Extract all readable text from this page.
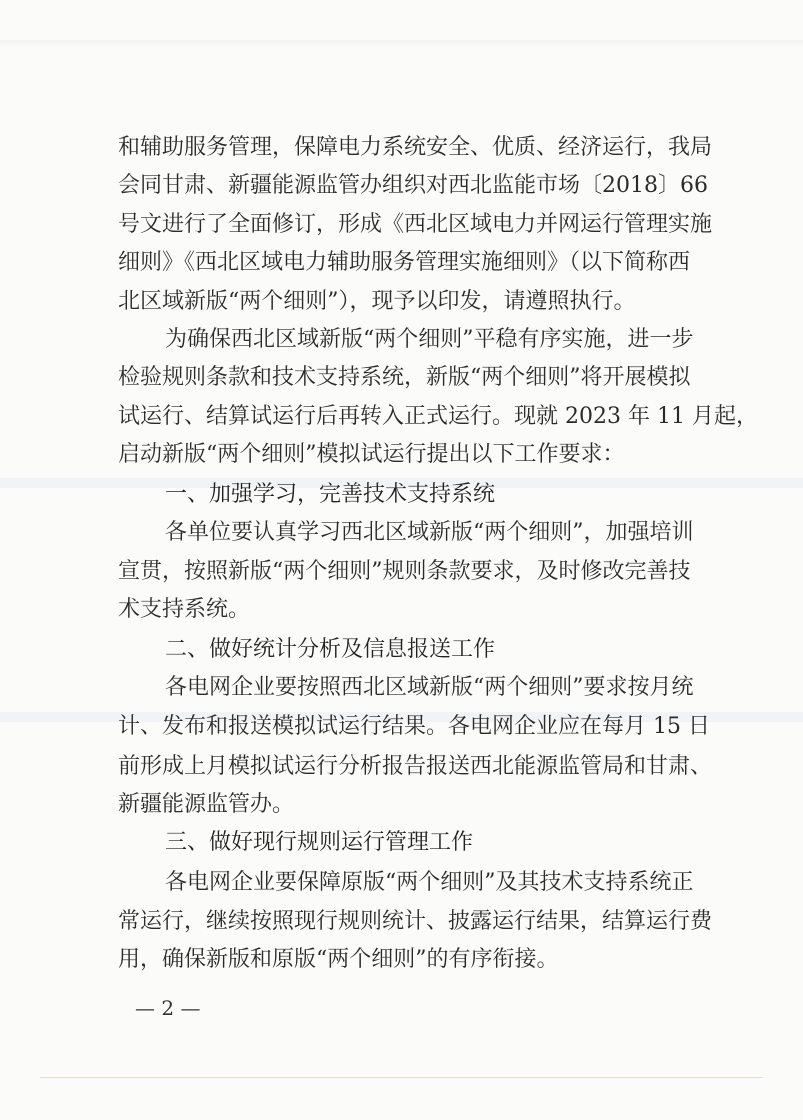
和辅助服务管理，保障电力系统安全、优质、经济运行，我局
会同甘肃、新疆能源监管办组织对西北监能市场〔2018〕66
号文进行了全面修订，形成《西北区域电力并网运行管理实施
细则》《西北区域电力辅助服务管理实施细则》（以下简称西
北区域新版“两个细则”），现予以印发，请遵照执行。
为确保西北区域新版“两个细则”平稳有序实施，进一步
检验规则条款和技术支持系统，新版“两个细则”将开展模拟
试运行、结算试运行后再转入正式运行。现就 2023 年 11 月起，
启动新版“两个细则”模拟试运行提出以下工作要求：
一、加强学习，完善技术支持系统
各单位要认真学习西北区域新版“两个细则”，加强培训
宣贯，按照新版“两个细则”规则条款要求，及时修改完善技
术支持系统。
二、做好统计分析及信息报送工作
各电网企业要按照西北区域新版“两个细则”要求按月统
计、发布和报送模拟试运行结果。各电网企业应在每月 15 日
前形成上月模拟试运行分析报告报送西北能源监管局和甘肃、
新疆能源监管办。
三、做好现行规则运行管理工作
各电网企业要保障原版“两个细则”及其技术支持系统正
常运行，继续按照现行规则统计、披露运行结果，结算运行费
用，确保新版和原版“两个细则”的有序衔接。
— 2 —
